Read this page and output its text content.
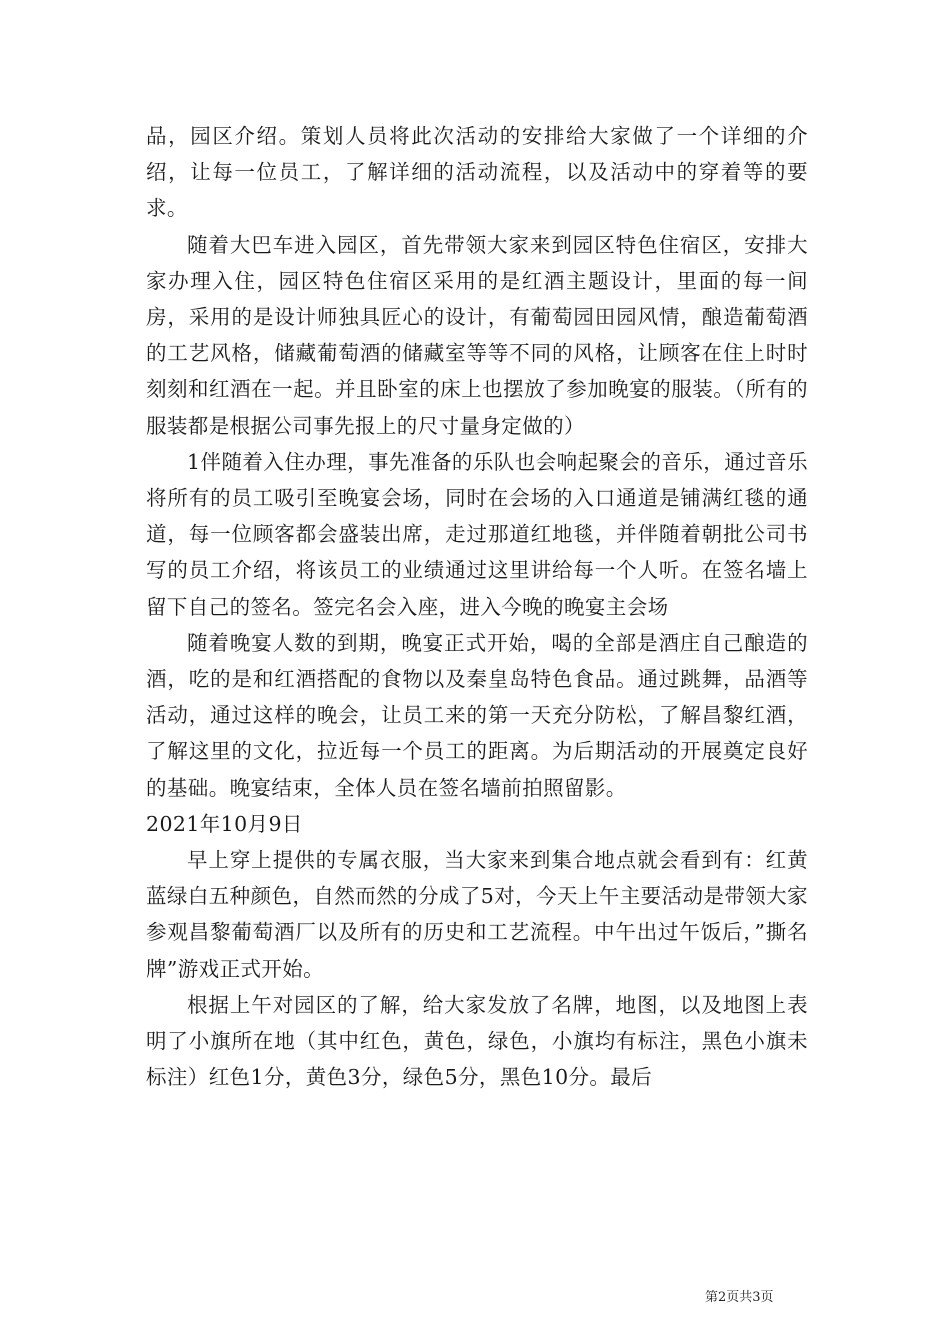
品，园区介绍。策划人员将此次活动的安排给大家做了一个详细的介绍，让每一位员工，了解详细的活动流程，以及活动中的穿着等的要求。

随着大巴车进入园区，首先带领大家来到园区特色住宿区，安排大家办理入住，园区特色住宿区采用的是红酒主题设计，里面的每一间房，采用的是设计师独具匠心的设计，有葡萄园田园风情，酿造葡萄酒的工艺风格，储藏葡萄酒的储藏室等等不同的风格，让顾客在住上时时刻刻和红酒在一起。并且卧室的床上也摆放了参加晚宴的服装。（所有的服装都是根据公司事先报上的尺寸量身定做的）

1伴随着入住办理，事先准备的乐队也会响起聚会的音乐，通过音乐将所有的员工吸引至晚宴会场，同时在会场的入口通道是铺满红毯的通道，每一位顾客都会盛装出席，走过那道红地毯，并伴随着朝批公司书写的员工介绍，将该员工的业绩通过这里讲给每一个人听。在签名墙上留下自己的签名。签完名会入座，进入今晚的晚宴主会场

随着晚宴人数的到期，晚宴正式开始，喝的全部是酒庄自己酿造的酒，吃的是和红酒搭配的食物以及秦皇岛特色食品。通过跳舞，品酒等活动，通过这样的晚会，让员工来的第一天充分防松，了解昌黎红酒，了解这里的文化，拉近每一个员工的距离。为后期活动的开展奠定良好的基础。晚宴结束，全体人员在签名墙前拍照留影。

2021年10月9日

早上穿上提供的专属衣服，当大家来到集合地点就会看到有：红黄蓝绿白五种颜色，自然而然的分成了5对，今天上午主要活动是带领大家参观昌黎葡萄酒厂以及所有的历史和工艺流程。中午出过午饭后，”撕名牌”游戏正式开始。

根据上午对园区的了解，给大家发放了名牌，地图，以及地图上表明了小旗所在地（其中红色，黄色，绿色，小旗均有标注，黑色小旗未标注）红色1分，黄色3分，绿色5分，黑色10分。最后

第2页共3页
